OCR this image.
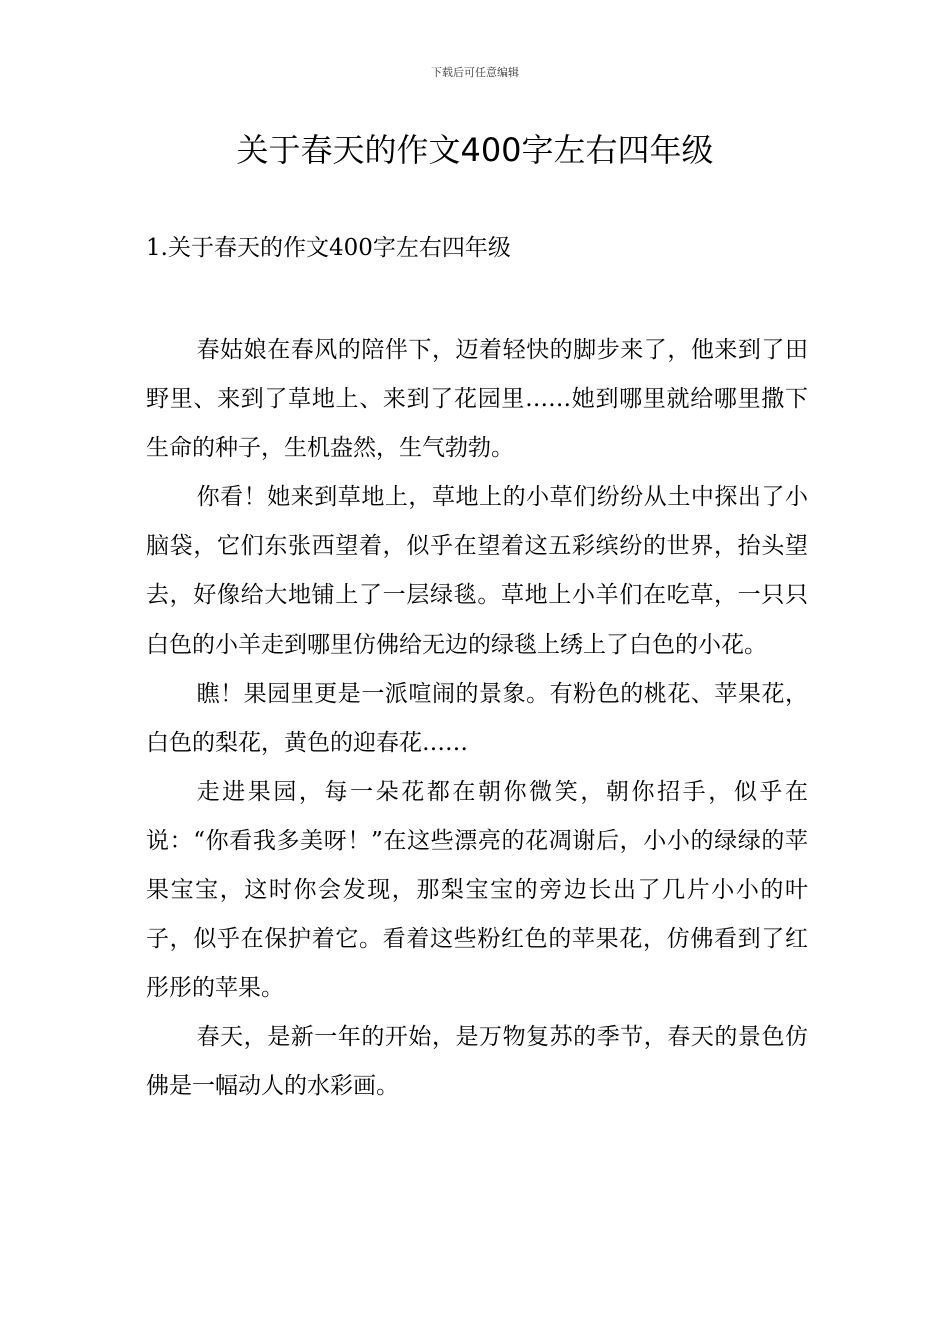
下载后可任意编辑
关于春天的作文400字左右四年级
1.关于春天的作文400字左右四年级

春姑娘在春风的陪伴下，迈着轻快的脚步来了，他来到了田野里、来到了草地上、来到了花园里……她到哪里就给哪里撒下生命的种子，生机盎然，生气勃勃。

你看！她来到草地上，草地上的小草们纷纷从土中探出了小脑袋，它们东张西望着，似乎在望着这五彩缤纷的世界，抬头望去，好像给大地铺上了一层绿毯。草地上小羊们在吃草，一只只白色的小羊走到哪里仿佛给无边的绿毯上绣上了白色的小花。

瞧！果园里更是一派喧闹的景象。有粉色的桃花、苹果花，白色的梨花，黄色的迎春花……

走进果园，每一朵花都在朝你微笑，朝你招手，似乎在说：“你看我多美呀！”在这些漂亮的花凋谢后，小小的绿绿的苹果宝宝，这时你会发现，那梨宝宝的旁边长出了几片小小的叶子，似乎在保护着它。看着这些粉红色的苹果花，仿佛看到了红彤彤的苹果。

春天，是新一年的开始，是万物复苏的季节，春天的景色仿佛是一幅动人的水彩画。
